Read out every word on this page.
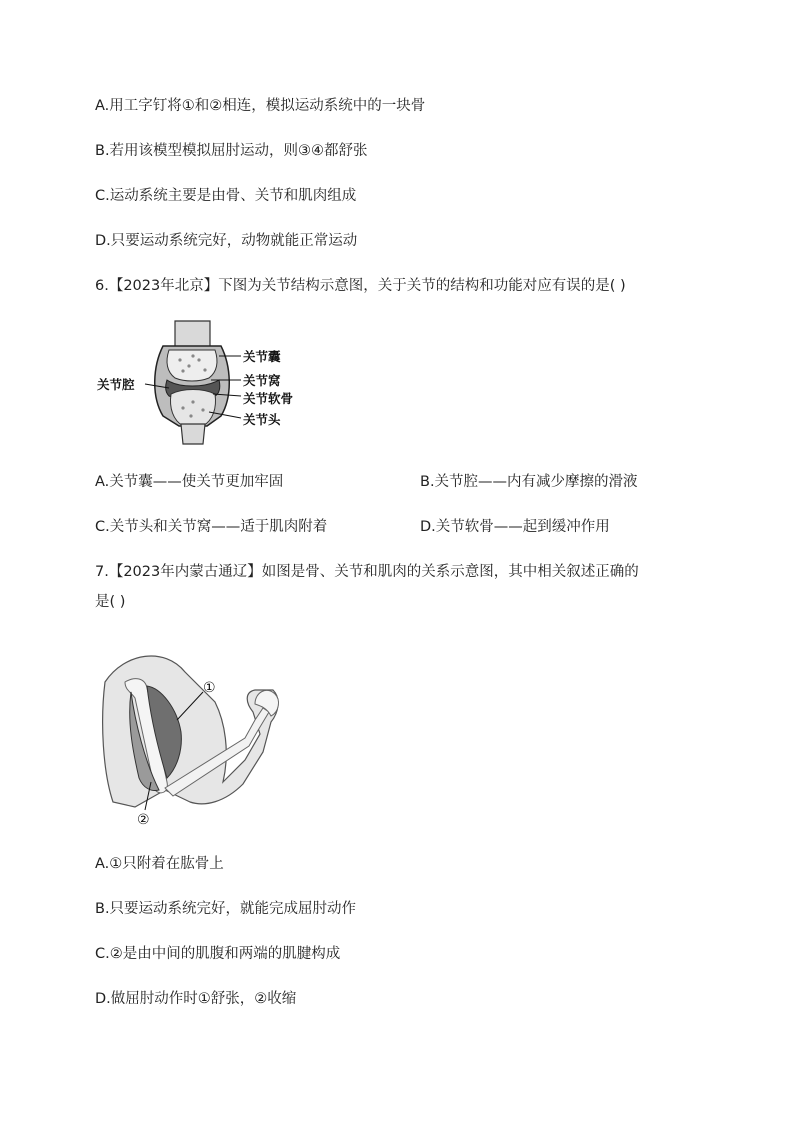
A.用工字钉将①和②相连，模拟运动系统中的一块骨
B.若用该模型模拟屈肘运动，则③④都舒张
C.运动系统主要是由骨、关节和肌肉组成
D.只要运动系统完好，动物就能正常运动
6.【2023年北京】下图为关节结构示意图，关于关节的结构和功能对应有误的是( )
关节囊
关节窝
关节软骨
关节头
关节腔
A.关节囊——使关节更加牢固	B.关节腔——内有减少摩擦的滑液
C.关节头和关节窝——适于肌肉附着	D.关节软骨——起到缓冲作用
7.【2023年内蒙古通辽】如图是骨、关节和肌肉的关系示意图，其中相关叙述正确的
是( )
①
②
A.①只附着在肱骨上
B.只要运动系统完好，就能完成屈肘动作
C.②是由中间的肌腹和两端的肌腱构成
D.做屈肘动作时①舒张，②收缩
